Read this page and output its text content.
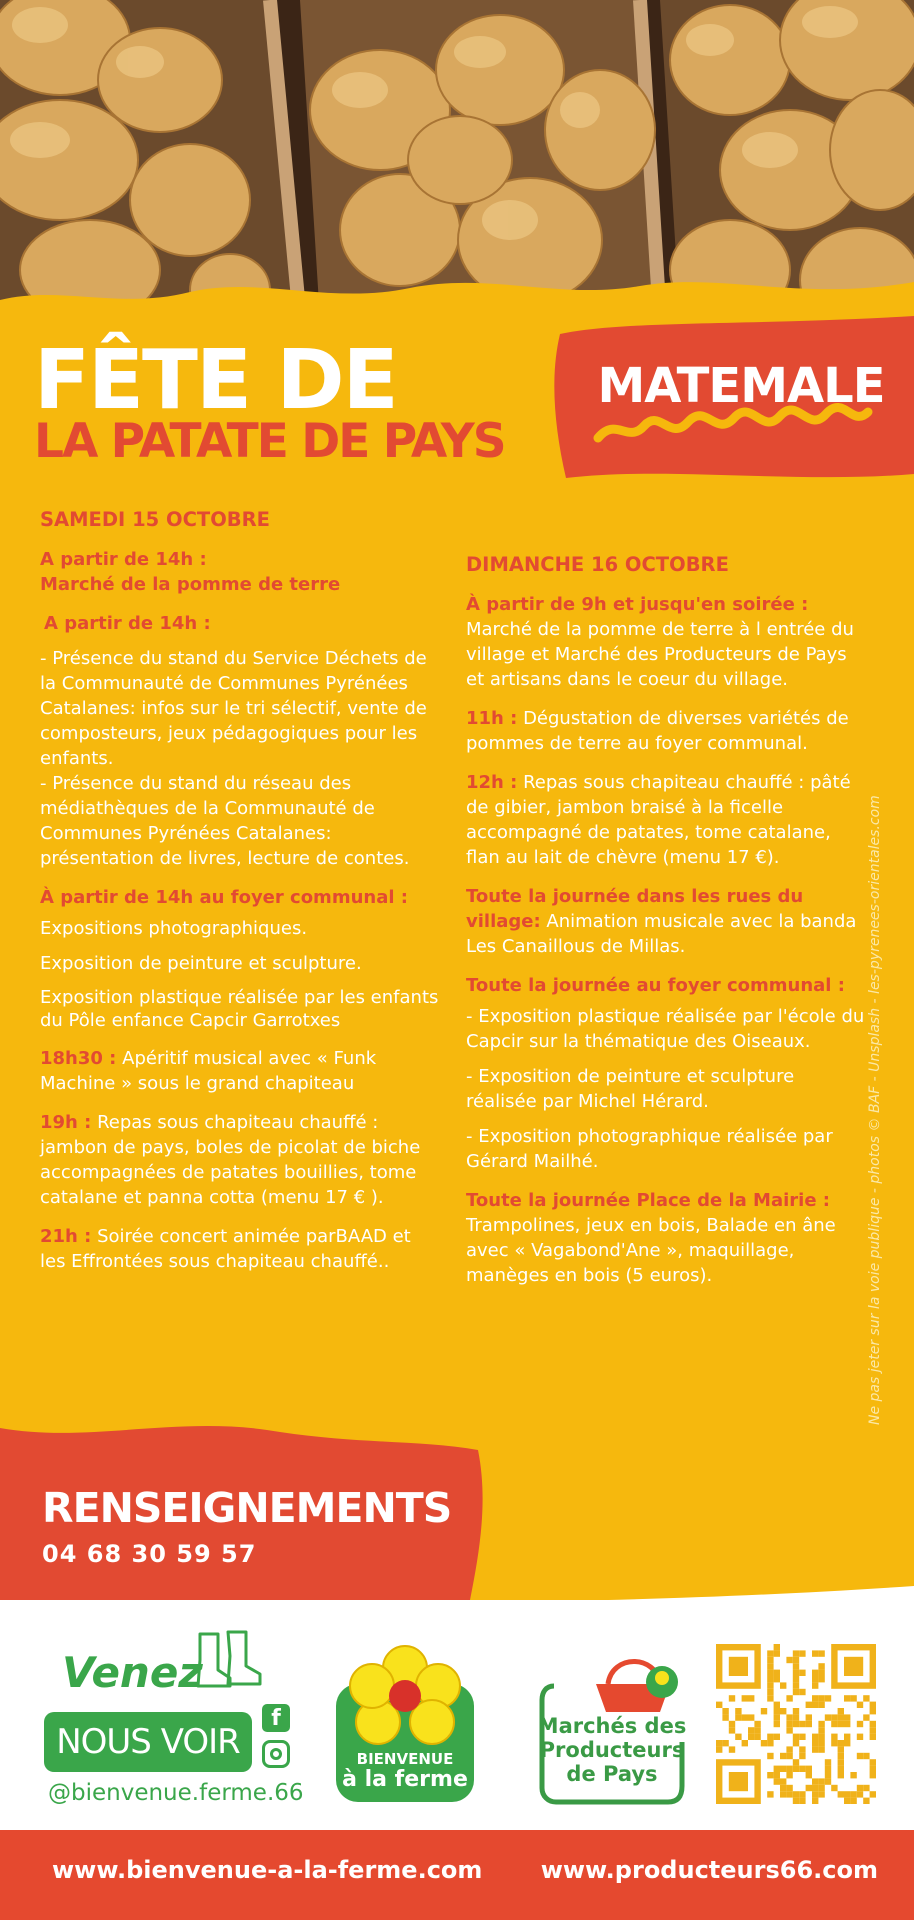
FÊTE DE
LA PATATE DE PAYS
MATEMALE
SAMEDI 15 OCTOBRE
A partir de 14h :
Marché de la pomme de terre
A partir de 14h :

- Présence du stand du Service Déchets de la Communauté de Communes Pyrénées Catalanes: infos sur le tri sélectif, vente de composteurs, jeux pédagogiques pour les enfants.

- Présence du stand du réseau des médiathèques de la Communauté de Communes Pyrénées Catalanes: présentation de livres, lecture de contes.

À partir de 14h au foyer communal :

Expositions photographiques.

Exposition de peinture et sculpture.

Exposition plastique réalisée par les enfants du Pôle enfance Capcir Garrotxes

18h30 : Apéritif musical avec « Funk Machine » sous le grand chapiteau
19h : Repas sous chapiteau chauffé : jambon de pays, boles de picolat de biche accompagnées de patates bouillies, tome catalane et panna cotta (menu 17 € ).
21h : Soirée concert animée parBAAD et les Effrontées sous chapiteau chauffé..
DIMANCHE 16 OCTOBRE
À partir de 9h et jusqu'en soirée :
Marché de la pomme de terre à l entrée du village et Marché des Producteurs de Pays et artisans dans le coeur du village.
11h : Dégustation de diverses variétés de pommes de terre au foyer communal.
12h : Repas sous chapiteau chauffé : pâté de gibier, jambon braisé à la ficelle accompagné de patates, tome catalane, flan au lait de chèvre (menu 17 €).
Toute la journée dans les rues du village: Animation musicale avec la banda Les Canaillous de Millas.
Toute la journée au foyer communal :

- Exposition plastique réalisée par l'école du Capcir sur la thématique des Oiseaux.

- Exposition de peinture et sculpture réalisée par Michel Hérard.

- Exposition photographique réalisée par Gérard Mailhé.

Toute la journée Place de la Mairie : Trampolines, jeux en bois, Balade en âne avec « Vagabond'Ane », maquillage, manèges en bois (5 euros).	Ne pas jeter sur la voie publique - photos © BAF - Unsplash - les-pyrenees-orientales.com
RENSEIGNEMENTS
04 68 30 59 57
Venez
NOUS VOIR
f
@bienvenue.ferme.66
BIENVENUE
à la ferme
Marchés des
Producteurs
de Pays
www.bienvenue-a-la-ferme.com www.producteurs66.com
